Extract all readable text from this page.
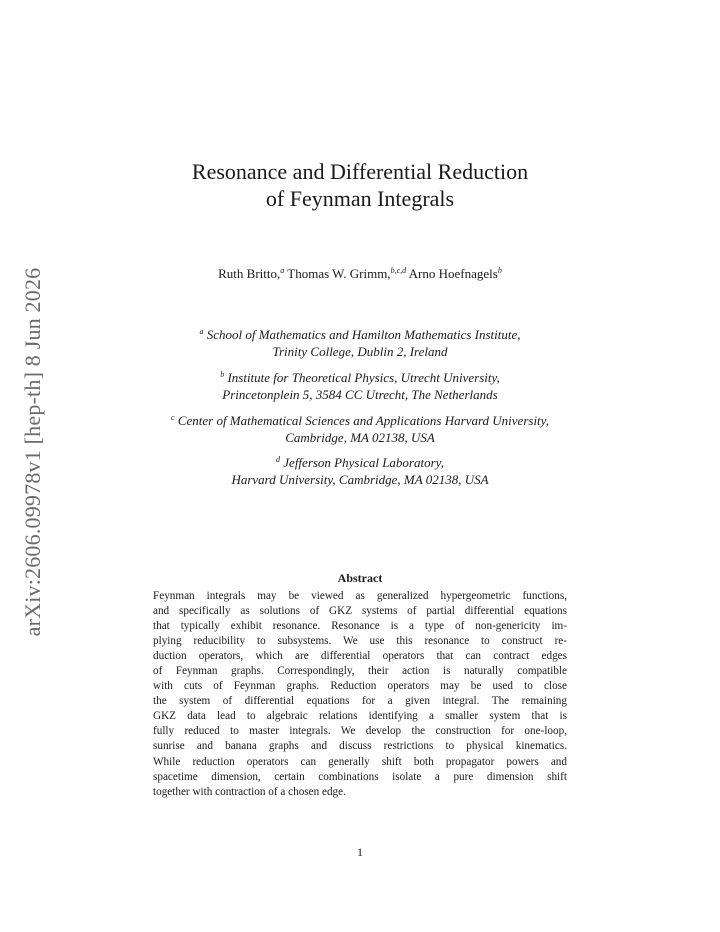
arXiv:2606.09978v1 [hep-th] 8 Jun 2026
Resonance and Differential Reduction
of Feynman Integrals
Ruth Britto,$^a$ Thomas W. Grimm,$^{b,c,d}$ Arno Hoefnagels$^b$
$^a$ School of Mathematics and Hamilton Mathematics Institute,
Trinity College, Dublin 2, Ireland
$^b$ Institute for Theoretical Physics, Utrecht University,
Princetonplein 5, 3584 CC Utrecht, The Netherlands
$^c$ Center of Mathematical Sciences and Applications Harvard University,
Cambridge, MA 02138, USA
$^d$ Jefferson Physical Laboratory,
Harvard University, Cambridge, MA 02138, USA
Abstract
Feynman integrals may be viewed as generalized hypergeometric functions,
and specifically as solutions of GKZ systems of partial differential equations
that typically exhibit resonance. Resonance is a type of non-genericity im-
plying reducibility to subsystems. We use this resonance to construct re-
duction operators, which are differential operators that can contract edges
of Feynman graphs. Correspondingly, their action is naturally compatible
with cuts of Feynman graphs. Reduction operators may be used to close
the system of differential equations for a given integral. The remaining
GKZ data lead to algebraic relations identifying a smaller system that is
fully reduced to master integrals. We develop the construction for one-loop,
sunrise and banana graphs and discuss restrictions to physical kinematics.
While reduction operators can generally shift both propagator powers and
spacetime dimension, certain combinations isolate a pure dimension shift
together with contraction of a chosen edge.
1
